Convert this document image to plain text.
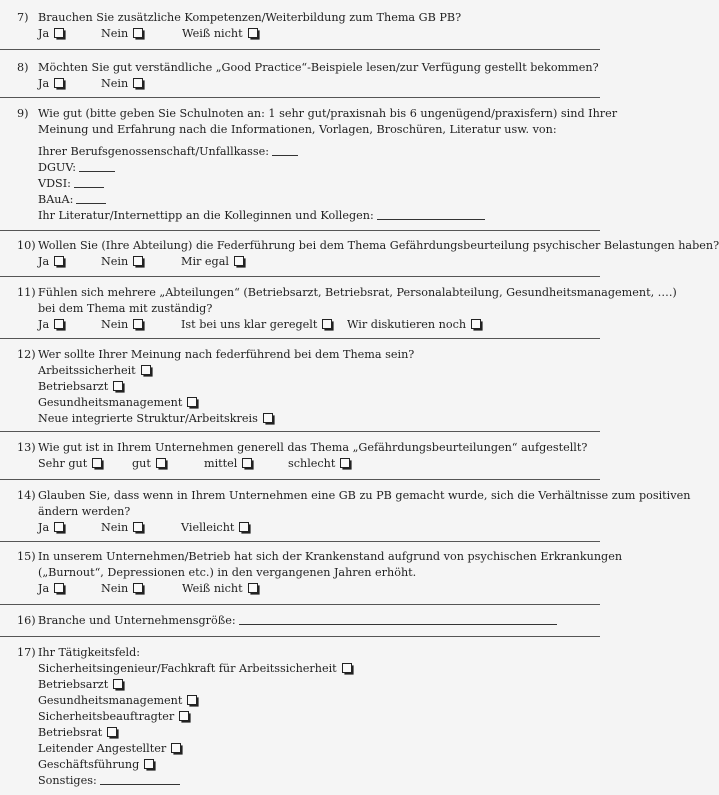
7) Brauchen Sie zusätzliche Kompetenzen/Weiterbildung zum Thema GB PB?
Ja	Nein	Weiß nicht
8) Möchten Sie gut verständliche „Good Practice“-Beispiele lesen/zur Verfügung gestellt bekommen?
Ja	Nein
9) Wie gut (bitte geben Sie Schulnoten an: 1 sehr gut/praxisnah bis 6 ungenügend/praxisfern) sind Ihrer
Meinung und Erfahrung nach die Informationen, Vorlagen, Broschüren, Literatur usw. von:
Ihrer Berufsgenossenschaft/Unfallkasse:
DGUV:
VDSI:
BAuA:
Ihr Literatur/Internettipp an die Kolleginnen und Kollegen:
10) Wollen Sie (Ihre Abteilung) die Federführung bei dem Thema Gefährdungsbeurteilung psychischer Belastungen haben?
Ja	Nein	Mir egal
11) Fühlen sich mehrere „Abteilungen“ (Betriebsarzt, Betriebsrat, Personalabteilung, Gesundheitsmanagement, ….)
bei dem Thema mit zuständig?
Ja	Nein	Ist bei uns klar geregelt	Wir diskutieren noch
12) Wer sollte Ihrer Meinung nach federführend bei dem Thema sein?
Arbeitssicherheit
Betriebsarzt
Gesundheitsmanagement
Neue integrierte Struktur/Arbeitskreis
13) Wie gut ist in Ihrem Unternehmen generell das Thema „Gefährdungsbeurteilungen“ aufgestellt?
Sehr gut	gut	mittel	schlecht
14) Glauben Sie, dass wenn in Ihrem Unternehmen eine GB zu PB gemacht wurde, sich die Verhältnisse zum positiven
ändern werden?
Ja	Nein	Vielleicht
15) In unserem Unternehmen/Betrieb hat sich der Krankenstand aufgrund von psychischen Erkrankungen
(„Burnout“, Depressionen etc.) in den vergangenen Jahren erhöht.
Ja	Nein	Weiß nicht
16) Branche und Unternehmensgröße:
17) Ihr Tätigkeitsfeld:
Sicherheitsingenieur/Fachkraft für Arbeitssicherheit
Betriebsarzt
Gesundheitsmanagement
Sicherheitsbeauftragter
Betriebsrat
Leitender Angestellter
Geschäftsführung
Sonstiges:
